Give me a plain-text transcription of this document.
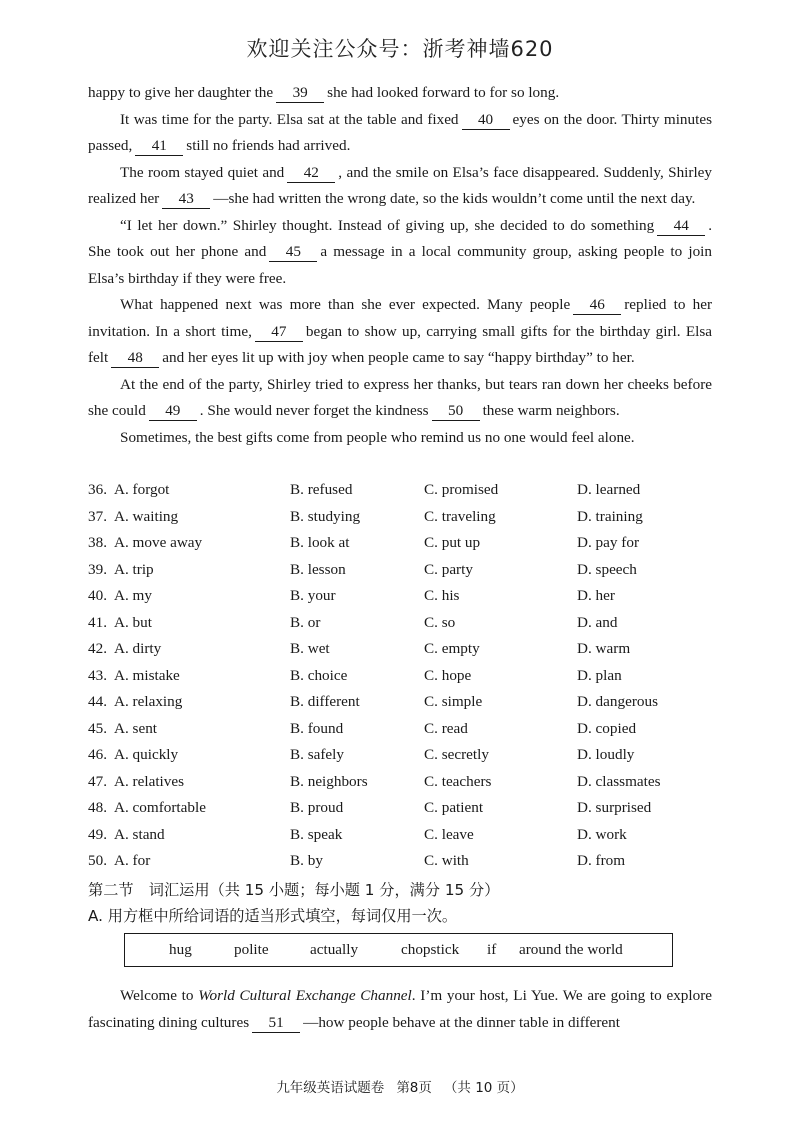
欢迎关注公众号：浙考神墙620

happy to give her daughter the 39 she had looked forward to for so long.

It was time for the party. Elsa sat at the table and fixed 40 eyes on the door. Thirty minutes passed, 41 still no friends had arrived.

The room stayed quiet and 42 , and the smile on Elsa’s face disappeared. Suddenly, Shirley realized her 43 —she had written the wrong date, so the kids wouldn’t come until the next day.

“I let her down.” Shirley thought. Instead of giving up, she decided to do something 44 . She took out her phone and 45 a message in a local community group, asking people to join Elsa’s birthday if they were free.

What happened next was more than she ever expected. Many people 46 replied to her invitation. In a short time, 47 began to show up, carrying small gifts for the birthday girl. Elsa felt 48 and her eyes lit up with joy when people came to say “happy birthday” to her.

At the end of the party, Shirley tried to express her thanks, but tears ran down her cheeks before she could 49 . She would never forget the kindness 50 these warm neighbors.

Sometimes, the best gifts come from people who remind us no one would feel alone.

36. A. forgot	B. refused	C. promised	D. learned
37. A. waiting	B. studying	C. traveling	D. training
38. A. move away	B. look at	C. put up	D. pay for
39. A. trip	B. lesson	C. party	D. speech
40. A. my	B. your	C. his	D. her
41. A. but	B. or	C. so	D. and
42. A. dirty	B. wet	C. empty	D. warm
43. A. mistake	B. choice	C. hope	D. plan
44. A. relaxing	B. different	C. simple	D. dangerous
45. A. sent	B. found	C. read	D. copied
46. A. quickly	B. safely	C. secretly	D. loudly
47. A. relatives	B. neighbors	C. teachers	D. classmates
48. A. comfortable	B. proud	C. patient	D. surprised
49. A. stand	B. speak	C. leave	D. work
50. A. for	B. by	C. with	D. from
第二节　词汇运用（共 15 小题；每小题 1 分，满分 15 分）
A. 用方框中所给词语的适当形式填空，每词仅用一次。
hug	polite	actually	chopstick if around the world

Welcome to World Cultural Exchange Channel. I’m your host, Li Yue. We are going to explore fascinating dining cultures 51 —how people behave at the dinner table in different

九年级英语试题卷 第8页 （共 10 页）
